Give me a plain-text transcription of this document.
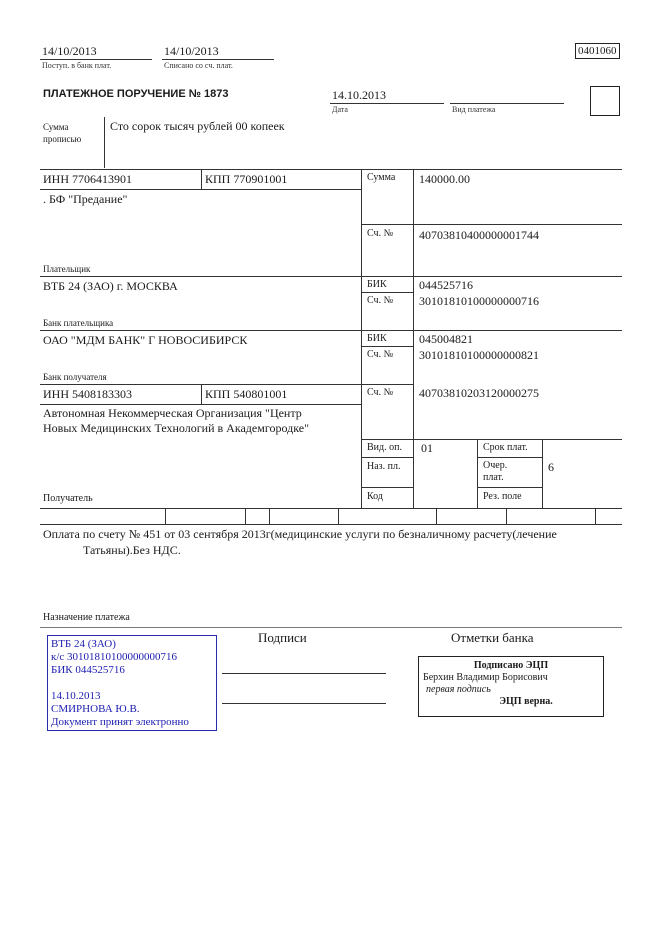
14/10/2013
Поступ. в банк плат.
14/10/2013
Списано со сч. плат.
0401060
ПЛАТЕЖНОЕ ПОРУЧЕНИЕ № 1873	14.10.2013
Дата	Вид платежа
Сумма
прописью
Сто сорок тысяч рублей 00 копеек
ИНН 7706413901	КПП 770901001
. БФ "Предание"
Плательщик
Сумма 140000.00
Сч. № 40703810400000001744
ВТБ 24 (ЗАО) г. МОСКВА
Банк плательщика
БИК	044525716
Сч. № 30101810100000000716
ОАО "МДМ БАНК" Г НОВОСИБИРСК
Банк получателя
БИК	045004821
Сч. № 30101810100000000821
ИНН 5408183303	КПП 540801001
Автономная Некоммерческая Организация "Центр
Новых Медицинских Технологий в Академгородке"
Получатель
Сч. № 40703810203120000275
Вид. оп. 01
Наз. пл.
Код
Срок плат.
Очер.
плат.
6
Рез. поле
Оплата по счету № 451 от 03 сентября 2013г(медицинские услуги по безналичному расчету(лечение
Татьяны).Без НДС.
Назначение платежа
Подписи	Отметки банка
ВТБ 24 (ЗАО)
к/с 30101810100000000716
БИК 044525716
14.10.2013
СМИРНОВА Ю.В.
Документ принят электронно
Подписано ЭЦП
Берхин Владимир Борисович
первая подпись
ЭЦП верна.
